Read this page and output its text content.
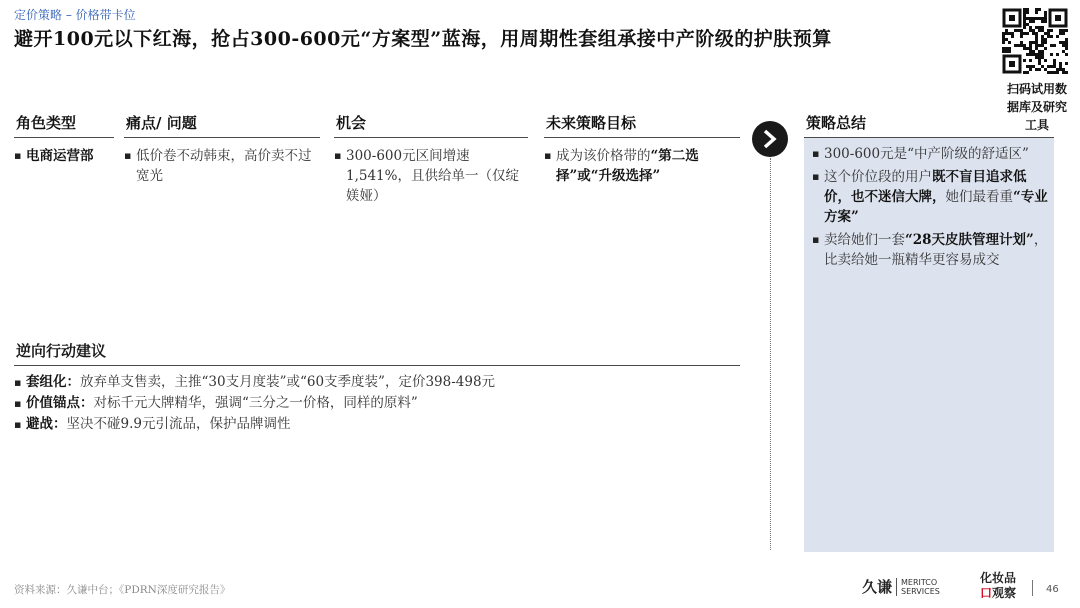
定价策略 – 价格带卡位
避开100元以下红海，抢占300-600元“方案型”蓝海，用周期性套组承接中产阶级的护肤预算
扫码试用数据库及研究工具
角色类型
▪ 电商运营部
痛点/ 问题
▪ 低价卷不动韩束，高价卖不过宽光
机会
▪ 300-600元区间增速1,541%，且供给单一（仅绽媄娅）
未来策略目标
▪ 成为该价格带的“第二选择”或“升级选择”
策略总结
▪ 300-600元是“中产阶级的舒适区”
▪ 这个价位段的用户既不盲目追求低价，也不迷信大牌，她们最看重“专业方案”
▪ 卖给她们一套“28天皮肤管理计划”，比卖给她一瓶精华更容易成交
逆向行动建议
▪ 套组化：放弃单支售卖，主推“30支月度装”或“60支季度装”，定价398-498元
▪ 价值锚点：对标千元大牌精华，强调“三分之一价格，同样的原料”
▪ 避战：坚决不碰9.9元引流品，保护品牌调性
资料来源：久谦中台；《PDRN深度研究报告》	久谦 MERITCO
SERVICES
化妆品
口观察	46
